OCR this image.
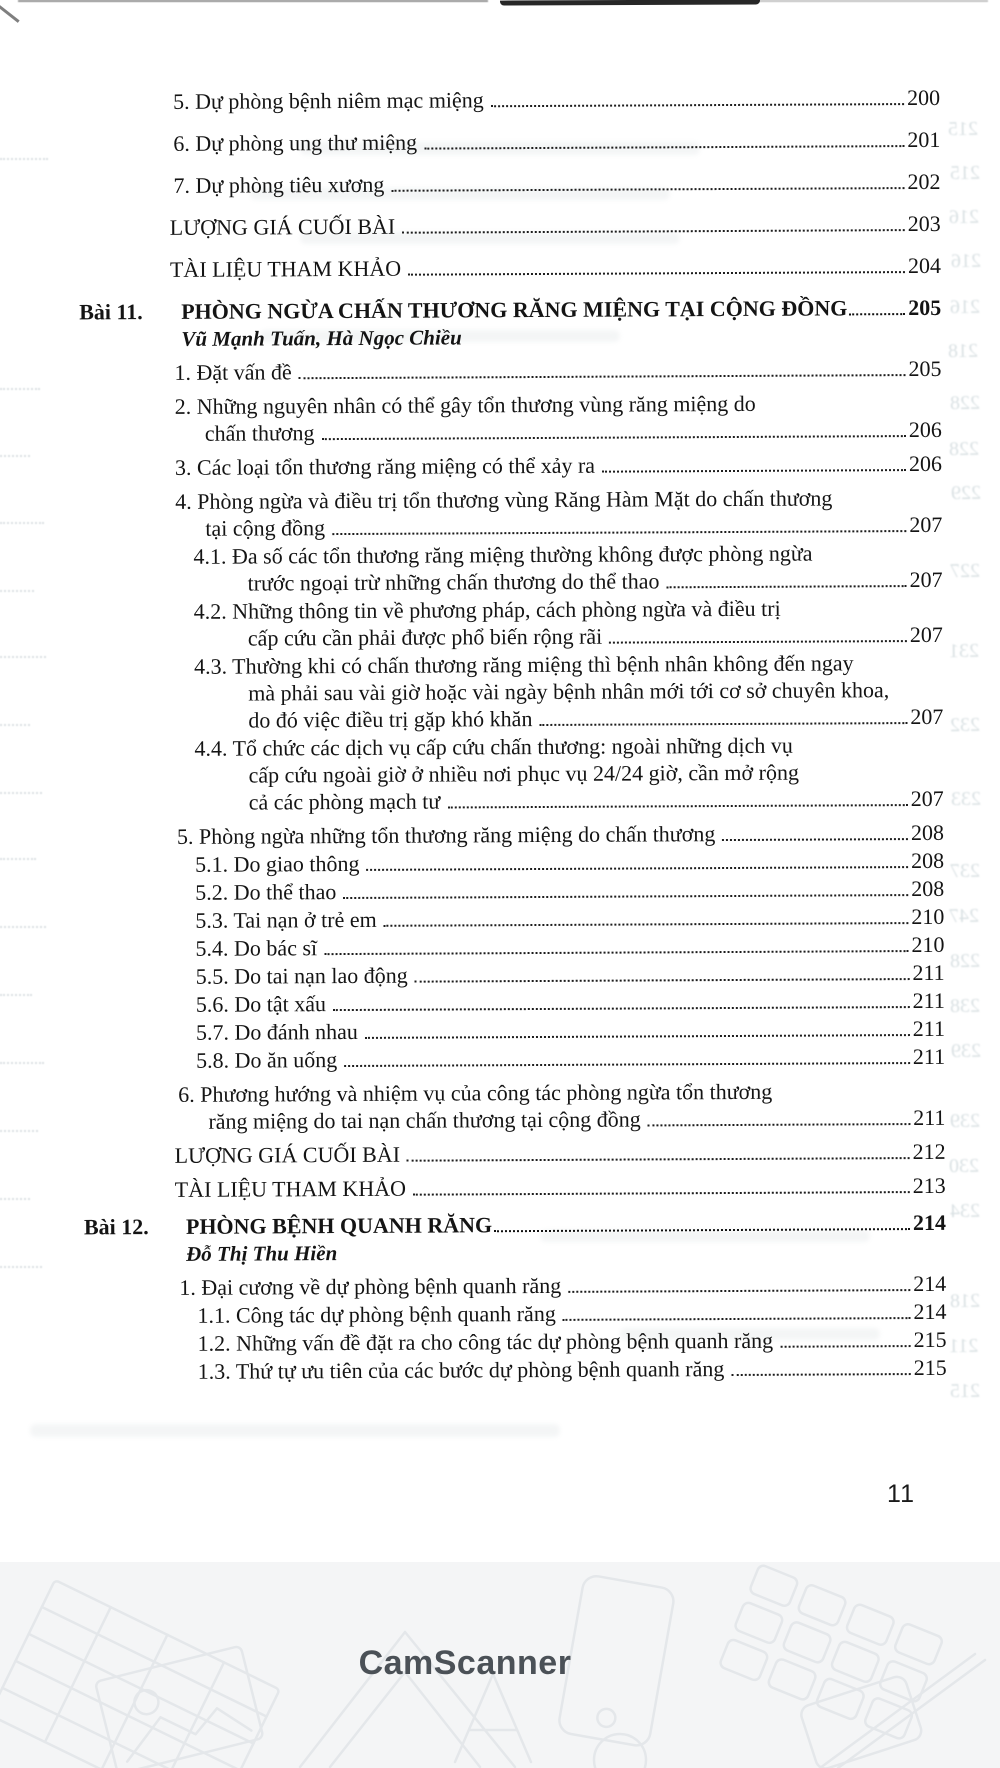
215
215
216
216
216
218
228
228
229
227
231
232
233
237
247
228
238
239
239
230
234
218
211
215
5. Dự phòng bệnh niêm mạc miệng	200
6. Dự phòng ung thư miệng	201
7. Dự phòng tiêu xương	202
LƯỢNG GIÁ CUỐI BÀI	203
TÀI LIỆU THAM KHẢO	204
Bài 11. PHÒNG NGỪA CHẤN THƯƠNG RĂNG MIỆNG TẠI CỘNG ĐỒNG	205
Vũ Mạnh Tuấn, Hà Ngọc Chiều
1. Đặt vấn đề	205
2. Những nguyên nhân có thể gây tổn thương vùng răng miệng do
chấn thương	206
3. Các loại tổn thương răng miệng có thể xảy ra	206
4. Phòng ngừa và điều trị tổn thương vùng Răng Hàm Mặt do chấn thương
tại cộng đồng	207
4.1. Đa số các tổn thương răng miệng thường không được phòng ngừa
trước ngoại trừ những chấn thương do thể thao	207
4.2. Những thông tin về phương pháp, cách phòng ngừa và điều trị
cấp cứu cần phải được phổ biến rộng rãi	207
4.3. Thường khi có chấn thương răng miệng thì bệnh nhân không đến ngay
mà phải sau vài giờ hoặc vài ngày bệnh nhân mới tới cơ sở chuyên khoa,
do đó việc điều trị gặp khó khăn	207
4.4. Tổ chức các dịch vụ cấp cứu chấn thương: ngoài những dịch vụ
cấp cứu ngoài giờ ở nhiều nơi phục vụ 24/24 giờ, cần mở rộng
cả các phòng mạch tư	207
5. Phòng ngừa những tổn thương răng miệng do chấn thương	208
5.1. Do giao thông	208
5.2. Do thể thao	208
5.3. Tai nạn ở trẻ em	210
5.4. Do bác sĩ	210
5.5. Do tai nạn lao động	211
5.6. Do tật xấu	211
5.7. Do đánh nhau	211
5.8. Do ăn uống	211
6. Phương hướng và nhiệm vụ của công tác phòng ngừa tổn thương
răng miệng do tai nạn chấn thương tại cộng đồng	211
LƯỢNG GIÁ CUỐI BÀI	212
TÀI LIỆU THAM KHẢO	213
Bài 12. PHÒNG BỆNH QUANH RĂNG	214
Đỗ Thị Thu Hiền
1. Đại cương về dự phòng bệnh quanh răng	214
1.1. Công tác dự phòng bệnh quanh răng	214
1.2. Những vấn đề đặt ra cho công tác dự phòng bệnh quanh răng	215
1.3. Thứ tự ưu tiên của các bước dự phòng bệnh quanh răng	215
11
CamScanner
